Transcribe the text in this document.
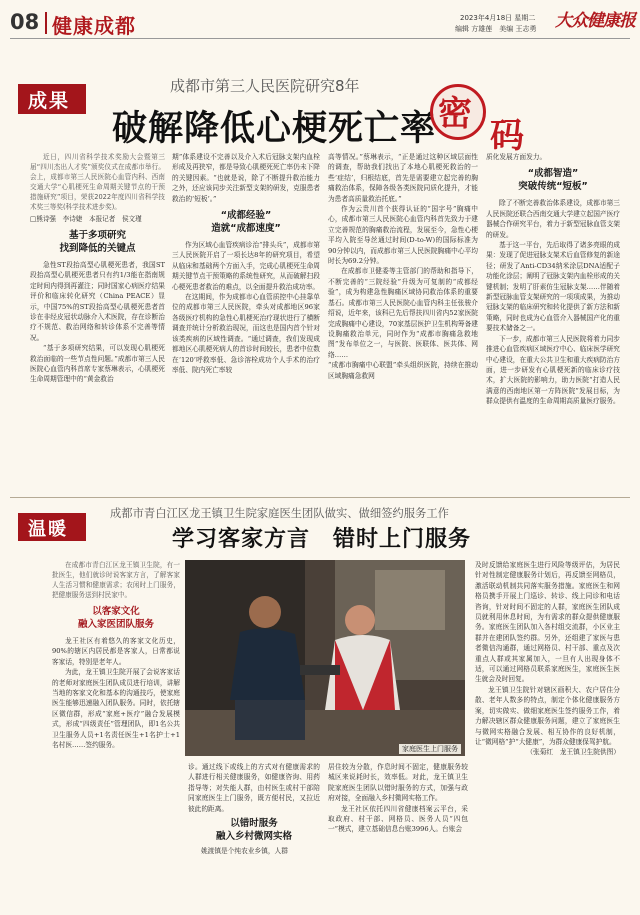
08 健康成都	2023年4月18日 星期二
编辑 方雄莲　美编 王志勇 大众健康报
成果
成都市第三人民医院研究8年
破解降低心梗死亡率 密
码

近日，四川省科学技术奖励大会暨第三届“四川杰出人才奖”颁奖仪式在成都市举行。会上，成都市第三人民医院心血管内科、西南交通大学“心肌梗死生命周期关键节点的干预措施研究”项目，荣获2022年度四川省科学技术奖三等奖(科学技术进步奖)。

□熊诗强　李诗婕　本报记者　侯文瑾

基于多项研究
找到降低的关键点

急性ST段抬高型心肌梗死患者，我国ST段抬高型心肌梗死患者只有约1/3能在指南规定时间内得到再灌注；同时国家心病医疗结果评价和临床转化研究（China PEACE）显示，中国75%的ST段抬高型心肌梗死患者首诊在非经皮冠状动脉介入术医院，存在诊断治疗不规范、救治网络和转诊体系不完善等情况。

“基于多项研究结果，可以发现心肌梗死救治面临的一些节点性问题。”成都市第三人民医院心血管内科首席专家蔡琳表示，心肌梗死生命周期管理中的“黄金救治

期”体系建设不完善以及介入术后冠脉支架内血栓形成及再狭窄，都是导致心肌梗死死亡率仍未下降的关键因素。“也就是说，除了不断提升救治能力之外，还应该同步关注新型支架的研发，克服患者救治的‘短板’。”

“成都经验”
造就“成都速度”

作为区域心血管疾病诊治“排头兵”，成都市第三人民医院开启了一项长达8年的研究项目，希望从临床和基础两个方面入手，完成心肌梗死生命周期关键节点干预策略的系统性研究，从而破解扫段心梗死患者救治的难点，以全面提升救治成功率。

在这期间，作为成都市心血管质控中心挂靠单位的成都市第三人民医院，牵头对成都地区96家各级医疗机构的急性心肌梗死治疗现状进行了横断调查并统计分析救治现况，而这也是国内首个针对该类疾病的区域性调查。“通过调查，我们发现成都地区心肌梗死病人的首诊时间较长，患者中位数在‘120’呼救率低、急诊溶栓成功个人手术的治疗率低、院内死亡率较

高等情况。”蔡琳表示，“正是通过这种区域层面性的调查，帮助我们找出了本地心肌梗死救治的一些‘症结’，归根结底，首先是需要建立起完善的胸痛救治体系，保障各级各类医院同质化提升，才能为患者高质量救治托底。”

作为云贵川首个获得认证的“国字号”胸痛中心，成都市第三人民医院心血管内科首先致力于建立完善规范的胸痛救治流程，发展至今，急性心梗平均入院至导丝通过时间(D-to-W)的国际标准为90分钟以内，而成都市第三人民医院胸痛中心平均时长为69.2分钟。

在成都市卫健委等主管部门的帮助和指导下，不断完善的“三院经验”升级为可复制的“成都经验”，成为构建急性胸痛区域协同救治体系的重要基石。成都市第三人民医院心血管内科主任张骏介绍说，近年来，该科已先后帮扶四川省内52家医院完成胸痛中心建设，70家基层医护卫生机构筹备建设胸痛救治单元，同时作为“成都市胸痛急救地图”发布单位之一，与医院、医联体、医共体、网络……

“成都市胸痛中心联盟”牵头组织医院，持续在推动区域胸痛急救网

质化发展方面发力。

“成都智造”
突破传统“短板”

除了不断完善救治体系建设，成都市第三人民医院还联合西南交通大学建立起国产医疗器械合作研究平台，着力于新型冠脉血管支架的研发。

基于这一平台，先后取得了诸多亮眼的成果：发现了促进冠脉支架术后血管修复的新途径；研发了Anti-CD34纳米涂层DNA适配子功能化涂层；阐明了冠脉支架内血栓形成的关键机制；发明了肝素仿生冠脉支架……伴随着新型冠脉血管支架研究的一项项成果，为推动冠脉支架的临床研究和转化提供了新方法和新策略，同时也成为心血管介入器械国产化的重要技术储备之一。

下一步，成都市第三人民医院将着力同步推进心血管疾病区域医疗中心、临床医学研究中心建设，在重大公共卫生和重大疾病防治方面，进一步研发有心肌梗死新的临床诊疗技术，扩大医院的影响力，助力医院“打造人民满意的西南地区第一方阵医院”发展目标，为群众提供有温度的生命周期高质量医疗服务。

温暖
成都市青白江区龙王镇卫生院家庭医生团队做实、做细签约服务工作
学习客家方言　错时上门服务

在成都市青白江区龙王镇卫生院，有一批医生，他们就诊时说客家方言，了解客家人生活习惯和健康需求；农闲时上门服务，把健康服务送到村民家中。

以客家文化
融入家医团队服务

龙王社区有着悠久的客家文化历史，90%的辖区内居民都是客家人，日常都说客家话，特别是老年人。

为此，龙王镇卫生院开展了会说客家话的老师对家庭医生团队成员进行培训，讲解当地的客家文化和基本的沟通技巧，使家庭医生能够迅速融入团队服务。同时，依托辖区微信群，形成“家庭+医疗”融合发展模式，形成“四级责任”管理团队，即1名公共卫生服务人员+1名责任医生+1名护士+1名村医……签约服务。	家庭医生上门服务

诊。通过线下或线上的方式对有健康需求的人群进行相关健康服务，如健康咨询、用药指导等；对失能人群，由村医生或村干部陪同家庭医生上门服务，既方便村民，又拉近彼此的距离。

以错时服务
融入乡村微网实格

姚渡镇是个纯农业乡镇，人群

居住较为分散，作息时间不固定，健康服务较城区来说耗时长，效率低。对此，龙王镇卫生院家庭医生团队以错时服务的方式，加强与政府对接，全面融入乡村微网实格工作。

龙王社区依托四川省健康档案云平台，采取政府、村干部、网格员、医务人员“四包一”模式，建立基础信息台账3996人。台账会

及时反馈给家庭医生进行风险等级评估，为居民针对性制定健康服务计划后，再反馈至网格员，激活联动机制共同落实服务措施。家庭医生和网格员携手开展上门巡诊、转诊、线上同诊和电话咨询，针对时间不固定的人群，家庭医生团队成员就利用休息时间，为有需求的群众提供健康服务。家庭医生团队加入各村组交流群，小区业主群并在建团队签约群。另外，还组建了家医与患者微信沟通群，通过网格员、村干部、重点及次重点人群或其家属加入，一旦有人出现身体不适，可以通过网格员联系家庭医生，家庭医生医生就会及时回复。

龙王镇卫生院针对辖区画积大、农户居住分散、老年人数多的特点，制定个体化健康服务方案，切实做实、做细家庭医生签约服务工作，着力解决辖区群众健康服务问题，建立了家庭医生与微网实格融合发展、相互协作的良好机制，让“微网格”护“大健康”，为群众健康保驾护航。

（张菊红　龙王镇卫生院供图）
